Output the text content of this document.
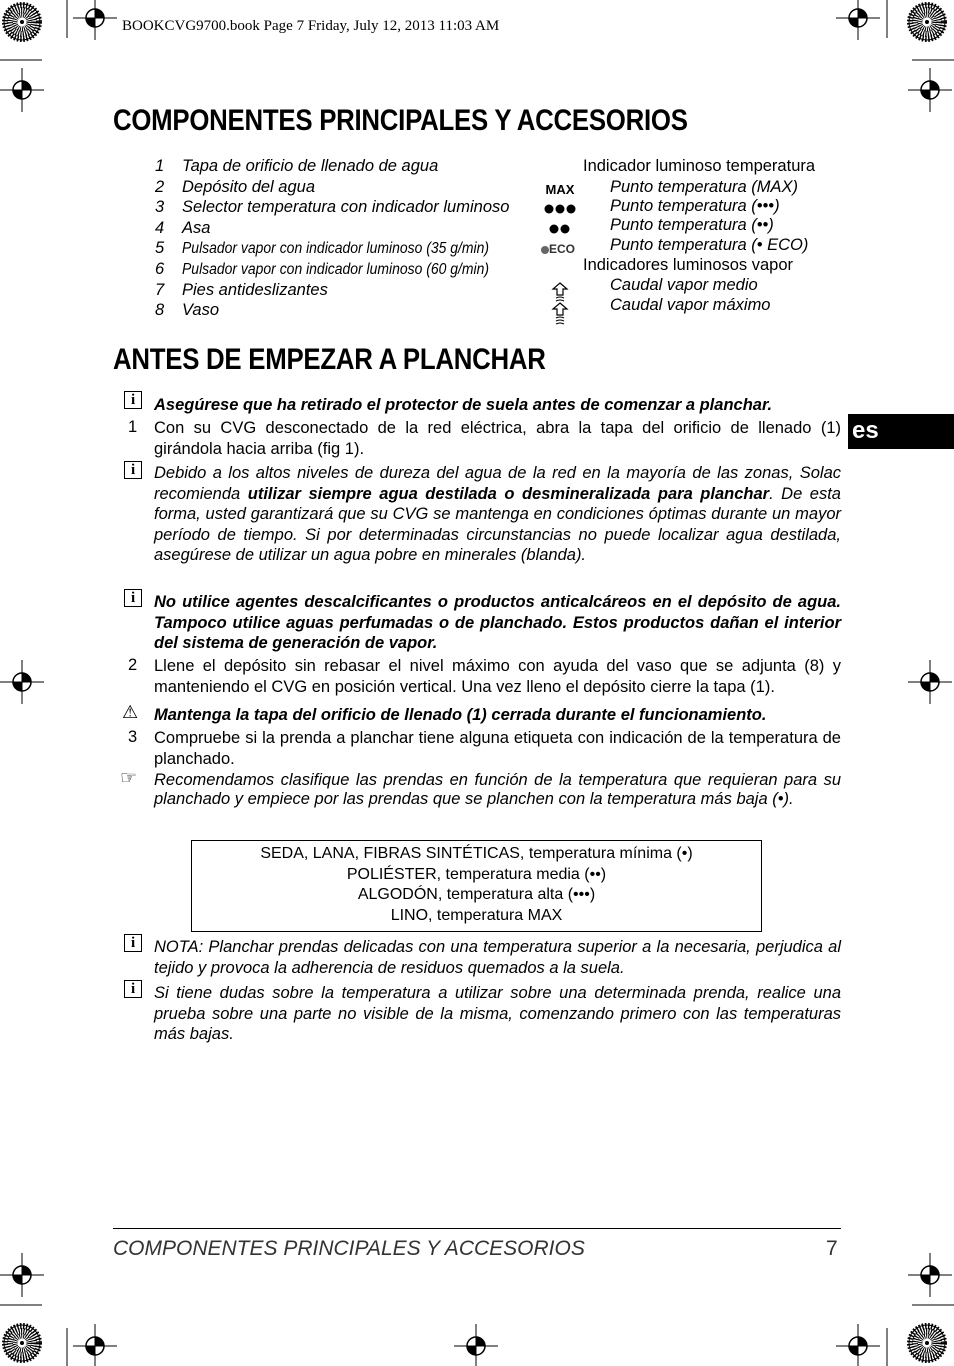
BOOKCVG9700.book Page 7 Friday, July 12, 2013 11:03 AM
COMPONENTES PRINCIPALES Y ACCESORIOS
1 Tapa de orificio de llenado de agua
2 Depósito del agua
3 Selector temperatura con indicador luminoso
4 Asa
5 Pulsador vapor con indicador luminoso (35 g/min)
6 Pulsador vapor con indicador luminoso (60 g/min)
7 Pies antideslizantes
8 Vaso
MAX
ECO
Indicador luminoso temperatura
Punto temperatura (MAX)
Punto temperatura (•••)
Punto temperatura (••)
Punto temperatura (• ECO)
Indicadores luminosos vapor
Caudal vapor medio
Caudal vapor máximo
ANTES DE EMPEZAR A PLANCHAR
es
i Asegúrese que ha retirado el protector de suela antes de comenzar a planchar.
1 Con su CVG desconectado de la red eléctrica, abra la tapa del orificio de llenado (1) girándola hacia arriba (fig 1).
i Debido a los altos niveles de dureza del agua de la red en la mayoría de las zonas, Solac recomienda utilizar siempre agua destilada o desmineralizada para planchar. De esta forma, usted garantizará que su CVG se mantenga en condiciones óptimas durante un mayor período de tiempo. Si por determinadas circunstancias no puede localizar agua destilada, asegúrese de utilizar un agua pobre en minerales (blanda).
i No utilice agentes descalcificantes o productos anticalcáreos en el depósito de agua. Tampoco utilice aguas perfumadas o de planchado. Estos productos dañan el interior del sistema de generación de vapor.
2 Llene el depósito sin rebasar el nivel máximo con ayuda del vaso que se adjunta (8) y manteniendo el CVG en posición vertical. Una vez lleno el depósito cierre la tapa (1).
⚠ Mantenga la tapa del orificio de llenado (1) cerrada durante el funcionamiento.
3 Compruebe si la prenda a planchar tiene alguna etiqueta con indicación de la temperatura de planchado.
☞ Recomendamos clasifique las prendas en función de la temperatura que requieran para su planchado y empiece por las prendas que se planchen con la temperatura más baja (•).
SEDA, LANA, FIBRAS SINTÉTICAS, temperatura mínima (•)
POLIÉSTER, temperatura media (••)
ALGODÓN, temperatura alta (•••)
LINO, temperatura MAX
i NOTA: Planchar prendas delicadas con una temperatura superior a la necesaria, perjudica al tejido y provoca la adherencia de residuos quemados a la suela.
i Si tiene dudas sobre la temperatura a utilizar sobre una determinada prenda, realice una prueba sobre una parte no visible de la misma, comenzando primero con las temperaturas más bajas.
COMPONENTES PRINCIPALES Y ACCESORIOS	7
